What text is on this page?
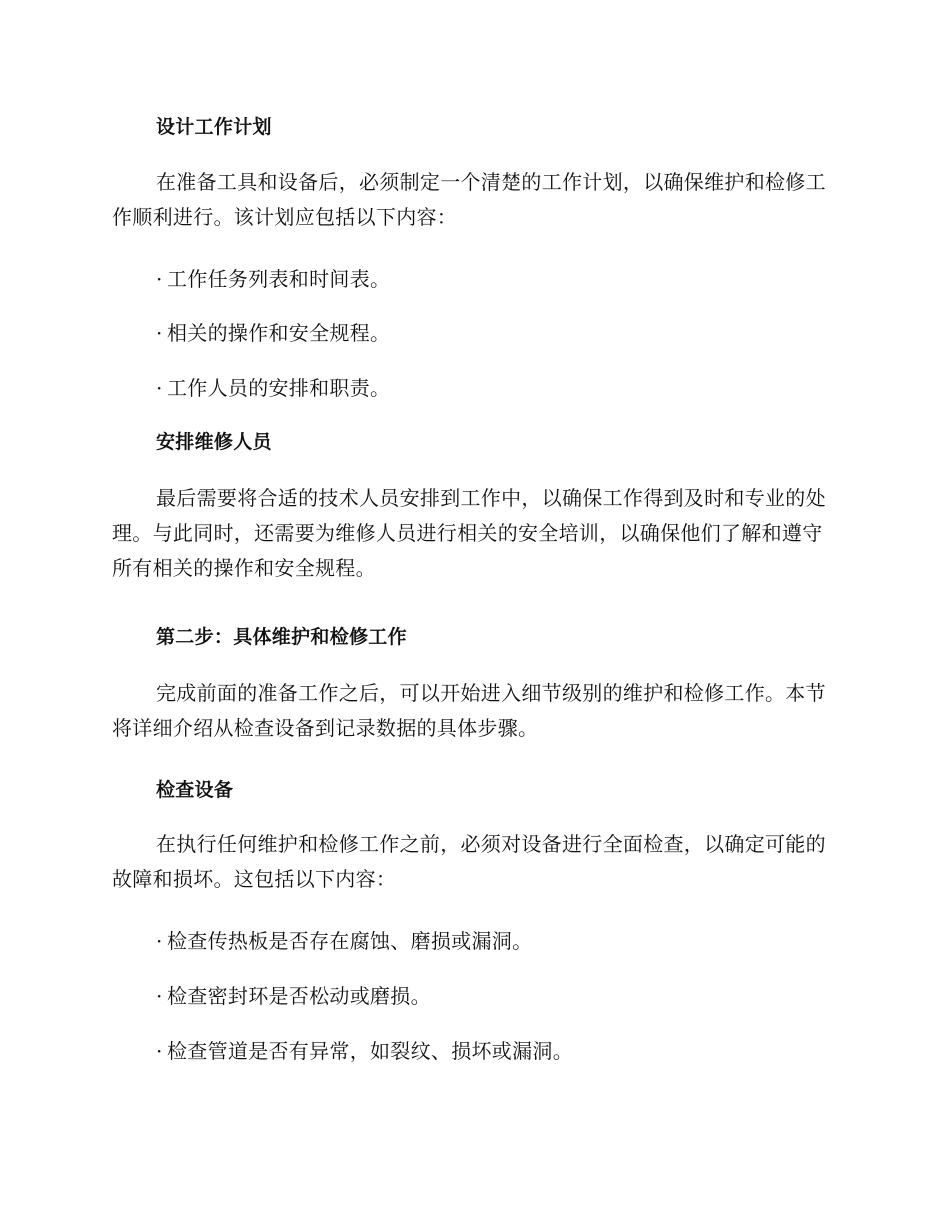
设计工作计划

在准备工具和设备后，必须制定一个清楚的工作计划，以确保维护和检修工作顺利进行。该计划应包括以下内容：

· 工作任务列表和时间表。
· 相关的操作和安全规程。
· 工作人员的安排和职责。
安排维修人员

最后需要将合适的技术人员安排到工作中，以确保工作得到及时和专业的处理。与此同时，还需要为维修人员进行相关的安全培训，以确保他们了解和遵守所有相关的操作和安全规程。

第二步：具体维护和检修工作

完成前面的准备工作之后，可以开始进入细节级别的维护和检修工作。本节将详细介绍从检查设备到记录数据的具体步骤。

检查设备

在执行任何维护和检修工作之前，必须对设备进行全面检查，以确定可能的故障和损坏。这包括以下内容：

· 检查传热板是否存在腐蚀、磨损或漏洞。
· 检查密封环是否松动或磨损。
· 检查管道是否有异常，如裂纹、损坏或漏洞。
